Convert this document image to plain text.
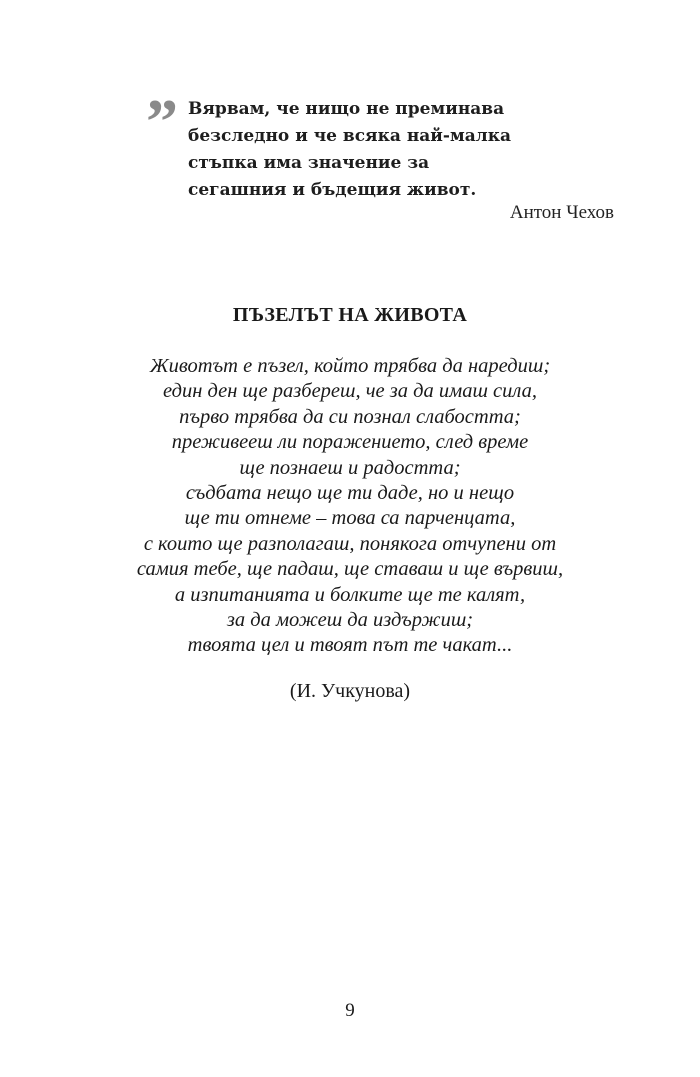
” Вярвам, че нищо не преминава
безследно и че всяка най-малка
стъпка има значение за
сегашния и бъдещия живот.
Антон Чехов
ПЪЗЕЛЪТ НА ЖИВОТА
Животът е пъзел, който трябва да наредиш;
един ден ще разбереш, че за да имаш сила,
първо трябва да си познал слабостта;
преживееш ли поражението, след време
ще познаеш и радостта;
съдбата нещо ще ти даде, но и нещо
ще ти отнеме – това са парченцата,
с които ще разполагаш, понякога отчупени от
самия тебе, ще падаш, ще ставаш и ще вървиш,
а изпитанията и болките ще те калят,
за да можеш да издържиш;
твоята цел и твоят път те чакат...
(И. Учкунова)
9
